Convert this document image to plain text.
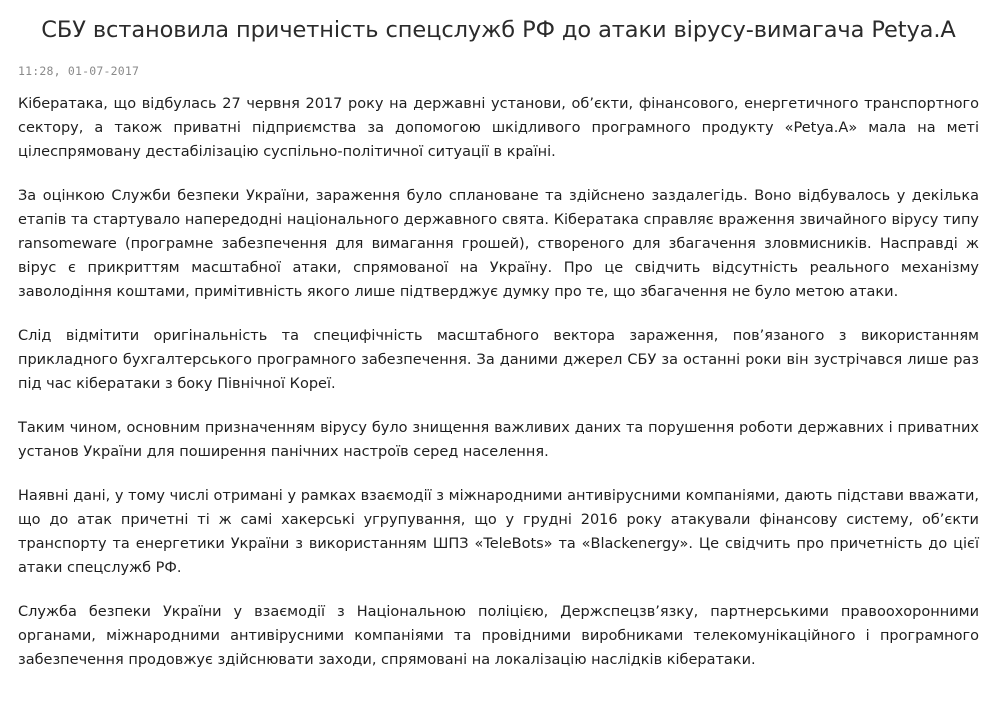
СБУ встановила причетність спецслужб РФ до атаки вірусу-вимагача Petya.A
11:28, 01-07-2017

Кібератака, що відбулась 27 червня 2017 року на державні установи, об’єкти, фінансового, енергетичного транспортного сектору, а також приватні підприємства за допомогою шкідливого програмного продукту «Petya.A» мала на меті цілеспрямовану дестабілізацію суспільно-політичної ситуації в країні.

За оцінкою Служби безпеки України, зараження було сплановане та здійснено заздалегідь. Воно відбувалось у декілька етапів та стартувало напередодні національного державного свята. Кібератака справляє враження звичайного вірусу типу ransomeware (програмне забезпечення для вимагання грошей), створеного для збагачення зловмисників. Насправді ж вірус є прикриттям масштабної атаки, спрямованої на Україну. Про це свідчить відсутність реального механізму заволодіння коштами, примітивність якого лише підтверджує думку про те, що збагачення не було метою атаки.

Слід відмітити оригінальність та специфічність масштабного вектора зараження, пов’язаного з використанням прикладного бухгалтерського програмного забезпечення. За даними джерел СБУ за останні роки він зустрічався лише раз під час кібератаки з боку Північної Кореї.

Таким чином, основним призначенням вірусу було знищення важливих даних та порушення роботи державних і приватних установ України для поширення панічних настроїв серед населення.

Наявні дані, у тому числі отримані у рамках взаємодії з міжнародними антивірусними компаніями, дають підстави вважати, що до атак причетні ті ж самі хакерські угрупування, що у грудні 2016 року атакували фінансову систему, об’єкти транспорту та енергетики України з використанням ШПЗ «TeleBots» та «Blackenergy». Це свідчить про причетність до цієї атаки спецслужб РФ.

Служба безпеки України у взаємодії з Національною поліцією, Держспецзв’язку, партнерськими правоохоронними органами, міжнародними антивірусними компаніями та провідними виробниками телекомунікаційного і програмного забезпечення продовжує здійснювати заходи, спрямовані на локалізацію наслідків кібератаки.
